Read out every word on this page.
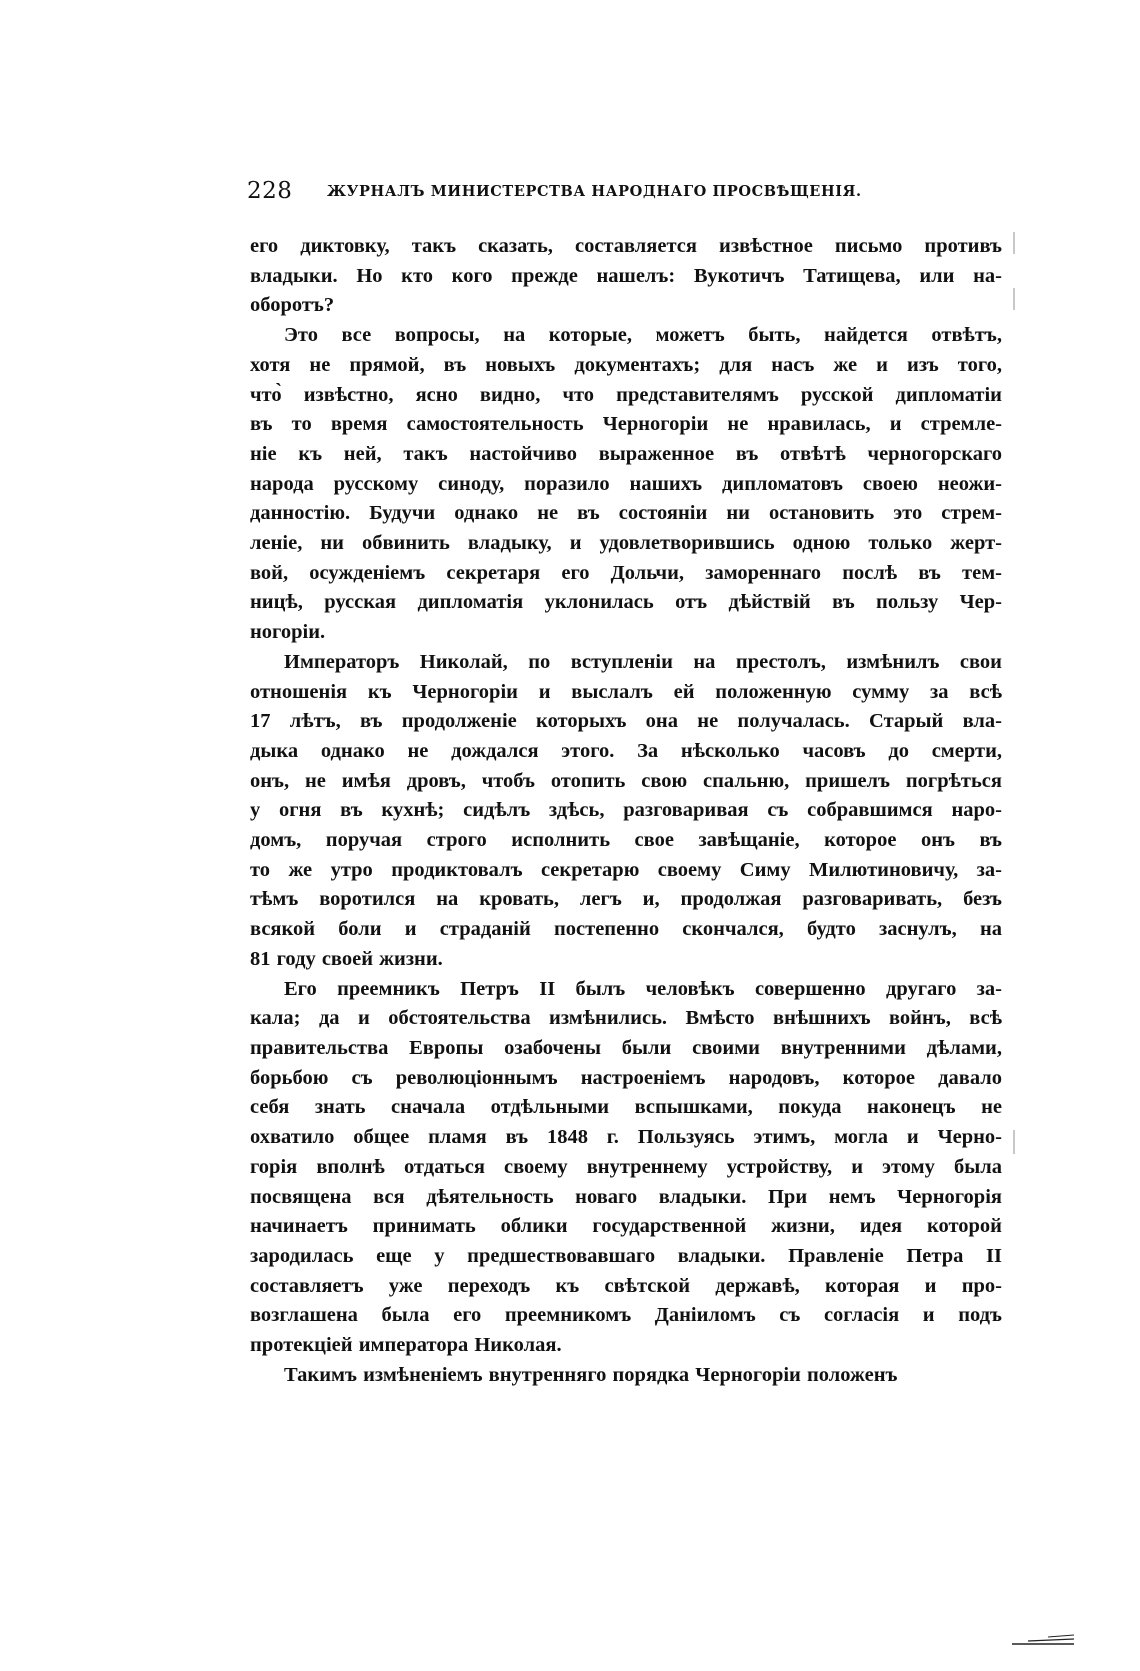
228 ЖУРНАЛЪ МИНИСТЕРСТВА НАРОДНАГО ПРОСВѢЩЕНІЯ.
его диктовку, такъ сказать, составляется извѣстное письмо противъ
владыки. Но кто кого прежде нашелъ: Вукотичъ Татищева, или на-
оборотъ?
Это все вопросы, на которые, можетъ быть, найдется отвѣтъ,
хотя не прямой, въ новыхъ документахъ; для насъ же и изъ того,
что̀ извѣстно, ясно видно, что представителямъ русской дипломатіи
въ то время самостоятельность Черногоріи не нравилась, и стремле-
ніе къ ней, такъ настойчиво выраженное въ отвѣтѣ черногорскаго
народа русскому синоду, поразило нашихъ дипломатовъ своею неожи-
данностію. Будучи однако не въ состояніи ни остановить это стрем-
леніе, ни обвинить владыку, и удовлетворившись одною только жерт-
вой, осужденіемъ секретаря его Дольчи, замореннаго послѣ въ тем-
ницѣ, русская дипломатія уклонилась отъ дѣйствій въ пользу Чер-
ногоріи.
Императоръ Николай, по вступленіи на престолъ, измѣнилъ свои
отношенія къ Черногоріи и выслалъ ей положенную сумму за всѣ
17 лѣтъ, въ продолженіе которыхъ она не получалась. Старый вла-
дыка однако не дождался этого. За нѣсколько часовъ до смерти,
онъ, не имѣя дровъ, чтобъ отопить свою спальню, пришелъ погрѣться
у огня въ кухнѣ; сидѣлъ здѣсь, разговаривая съ собравшимся наро-
домъ, поручая строго исполнить свое завѣщаніе, которое онъ въ
то же утро продиктовалъ секретарю своему Симу Милютиновичу, за-
тѣмъ воротился на кровать, легъ и, продолжая разговаривать, безъ
всякой боли и страданій постепенно скончался, будто заснулъ, на
81 году своей жизни.
Его преемникъ Петръ II былъ человѣкъ совершенно другаго за-
кала; да и обстоятельства измѣнились. Вмѣсто внѣшнихъ войнъ, всѣ
правительства Европы озабочены были своими внутренними дѣлами,
борьбою съ революціоннымъ настроеніемъ народовъ, которое давало
себя знать сначала отдѣльными вспышками, покуда наконецъ не
охватило общее пламя въ 1848 г. Пользуясь этимъ, могла и Черно-
горія вполнѣ отдаться своему внутреннему устройству, и этому была
посвящена вся дѣятельность новаго владыки. При немъ Черногорія
начинаетъ принимать облики государственной жизни, идея которой
зародилась еще у предшествовавшаго владыки. Правленіе Петра II
составляетъ уже переходъ къ свѣтской державѣ, которая и про-
возглашена была его преемникомъ Даніиломъ съ согласія и подъ
протекціей императора Николая.
Такимъ измѣненіемъ внутренняго порядка Черногоріи положенъ
